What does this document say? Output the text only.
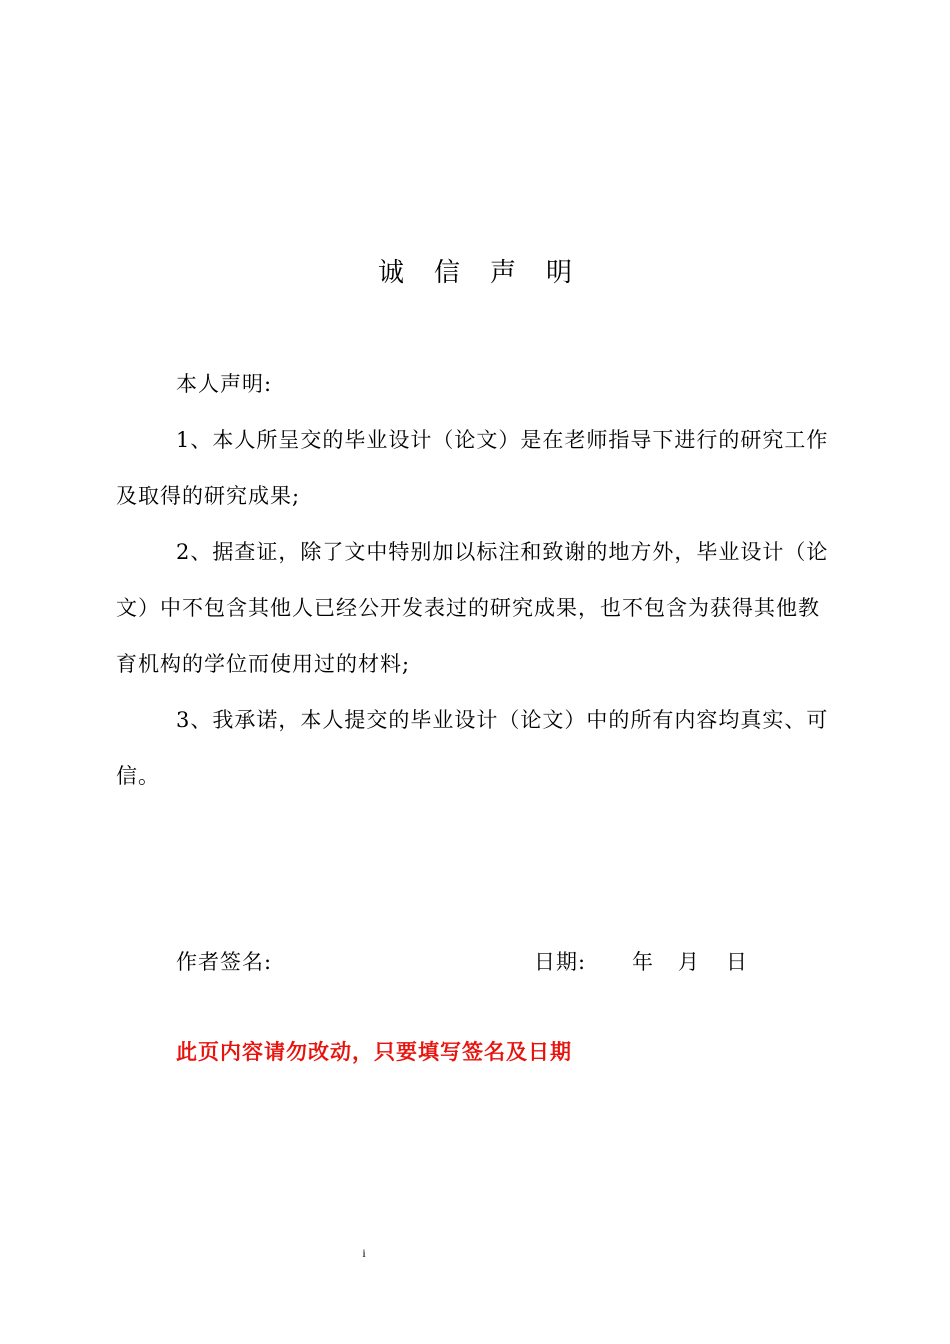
诚信声明

本人声明:

1、本人所呈交的毕业设计（论文）是在老师指导下进行的研究工作及取得的研究成果;

2、据查证，除了文中特别加以标注和致谢的地方外，毕业设计（论文）中不包含其他人已经公开发表过的研究成果，也不包含为获得其他教育机构的学位而使用过的材料;

3、我承诺，本人提交的毕业设计（论文）中的所有内容均真实、可信。

作者签名:	日期: 年 月 日
此页内容请勿改动，只要填写签名及日期
i
